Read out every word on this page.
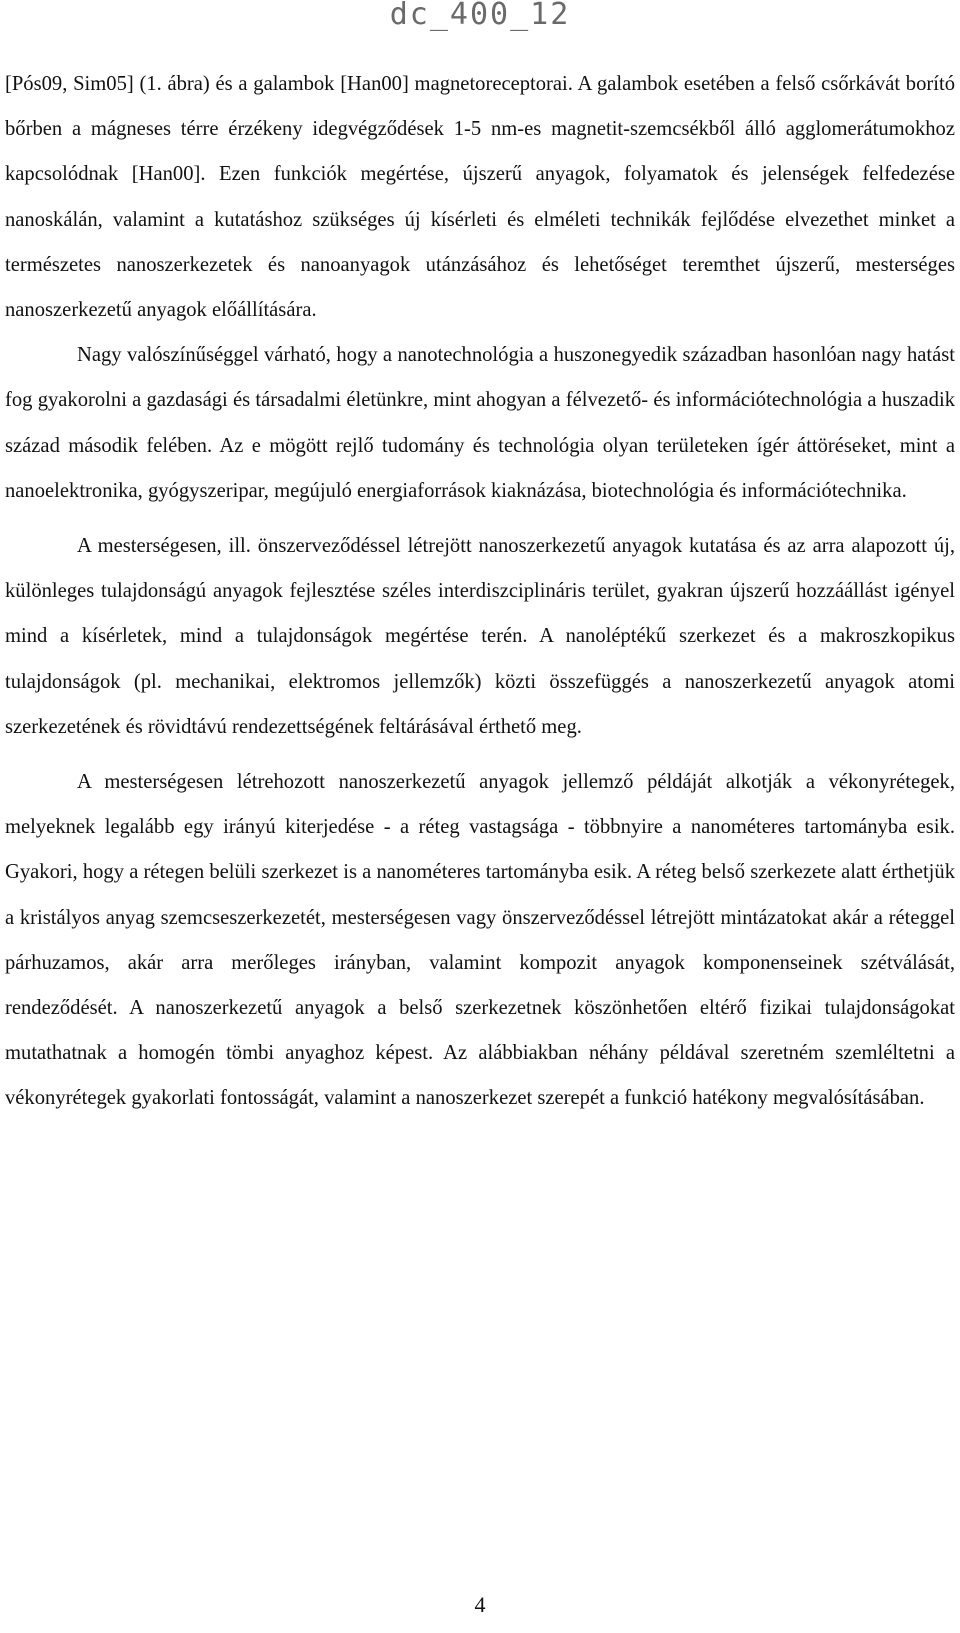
dc_400_12

[Pós09, Sim05] (1. ábra) és a galambok [Han00] magnetoreceptorai. A galambok esetében a felső csőrkávát borító bőrben a mágneses térre érzékeny idegvégződések 1-5 nm-es magnetit-szemcsékből álló agglomerátumokhoz kapcsolódnak [Han00]. Ezen funkciók megértése, újszerű anyagok, folyamatok és jelenségek felfedezése nanoskálán, valamint a kutatáshoz szükséges új kísérleti és elméleti technikák fejlődése elvezethet minket a természetes nanoszerkezetek és nanoanyagok utánzásához és lehetőséget teremthet újszerű, mesterséges nanoszerkezetű anyagok előállítására.

Nagy valószínűséggel várható, hogy a nanotechnológia a huszonegyedik században hasonlóan nagy hatást fog gyakorolni a gazdasági és társadalmi életünkre, mint ahogyan a félvezető- és információtechnológia a huszadik század második felében. Az e mögött rejlő tudomány és technológia olyan területeken ígér áttöréseket, mint a nanoelektronika, gyógyszeripar, megújuló energiaforrások kiaknázása, biotechnológia és információtechnika.

A mesterségesen, ill. önszerveződéssel létrejött nanoszerkezetű anyagok kutatása és az arra alapozott új, különleges tulajdonságú anyagok fejlesztése széles interdiszciplináris terület, gyakran újszerű hozzáállást igényel mind a kísérletek, mind a tulajdonságok megértése terén. A nanoléptékű szerkezet és a makroszkopikus tulajdonságok (pl. mechanikai, elektromos jellemzők) közti összefüggés a nanoszerkezetű anyagok atomi szerkezetének és rövidtávú rendezettségének feltárásával érthető meg.

A mesterségesen létrehozott nanoszerkezetű anyagok jellemző példáját alkotják a vékonyrétegek, melyeknek legalább egy irányú kiterjedése - a réteg vastagsága - többnyire a nanométeres tartományba esik. Gyakori, hogy a rétegen belüli szerkezet is a nanométeres tartományba esik. A réteg belső szerkezete alatt érthetjük a kristályos anyag szemcseszerkezetét, mesterségesen vagy önszerveződéssel létrejött mintázatokat akár a réteggel párhuzamos, akár arra merőleges irányban, valamint kompozit anyagok komponenseinek szétválását, rendeződését. A nanoszerkezetű anyagok a belső szerkezetnek köszönhetően eltérő fizikai tulajdonságokat mutathatnak a homogén tömbi anyaghoz képest. Az alábbiakban néhány példával szeretném szemléltetni a vékonyrétegek gyakorlati fontosságát, valamint a nanoszerkezet szerepét a funkció hatékony megvalósításában.

4
